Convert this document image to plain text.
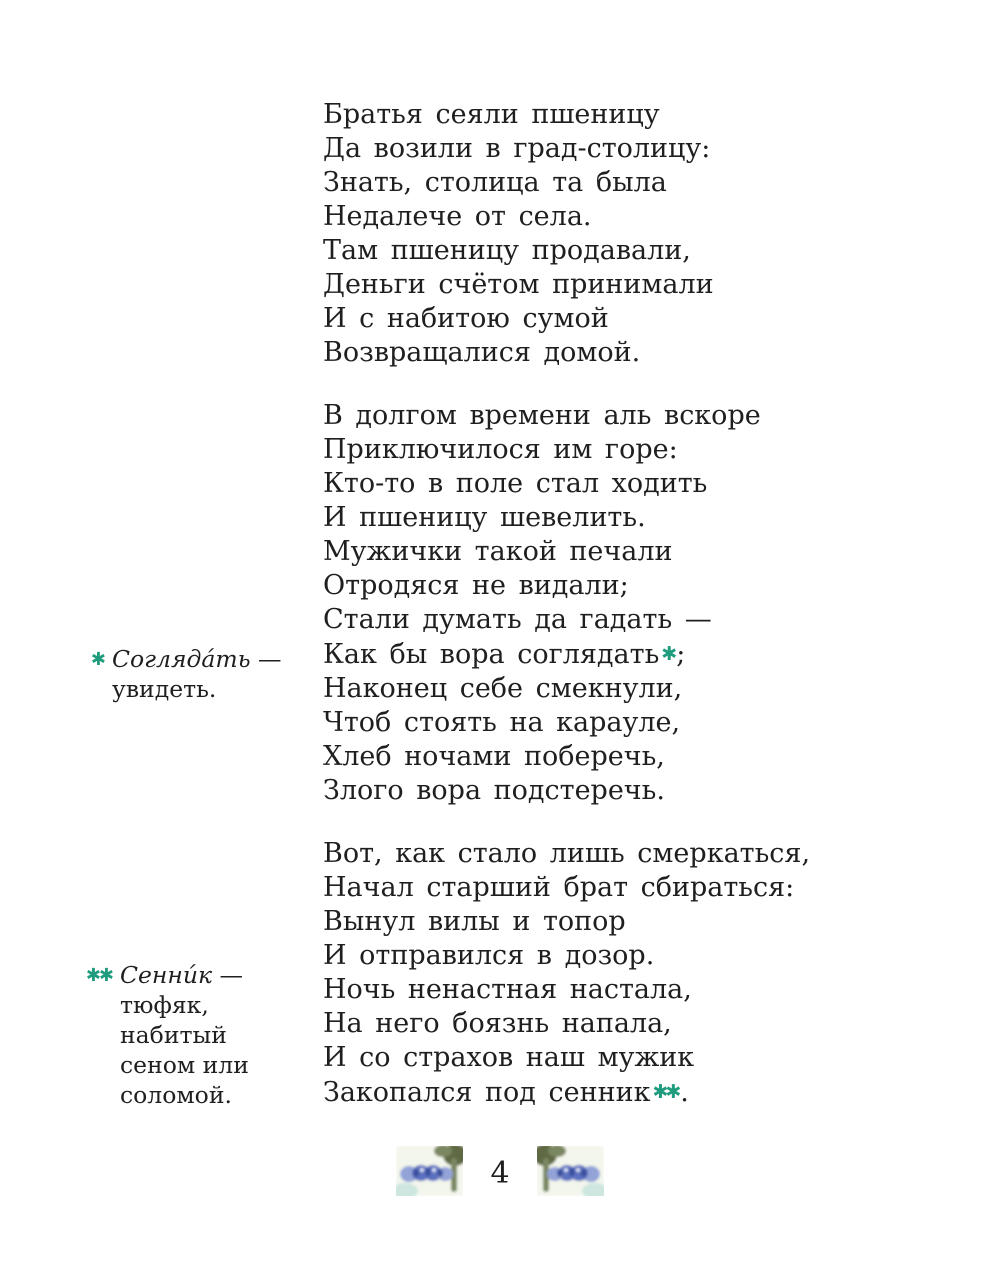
✱ Согляда́ть —
увидеть.
✱✱ Сенни́к —
тюфяк,
набитый
сеном или
соломой.
Братья сеяли пшеницу
Да возили в град-столицу:
Знать, столица та была
Недалече от села.
Там пшеницу продавали,
Деньги счётом принимали
И с набитою сумой
Возвращалися домой.
В долгом времени аль вскоре
Приключилося им горе:
Кто-то в поле стал ходить
И пшеницу шевелить.
Мужички такой печали
Отродяся не видали;
Стали думать да гадать —
Как бы вора соглядать ✱;
Наконец себе смекнули,
Чтоб стоять на карауле,
Хлеб ночами поберечь,
Злого вора подстеречь.
Вот, как стало лишь смеркаться,
Начал старший брат сбираться:
Вынул вилы и топор
И отправился в дозор.
Ночь ненастная настала,
На него боязнь напала,
И со страхов наш мужик
Закопался под сенник ✱✱.
4
